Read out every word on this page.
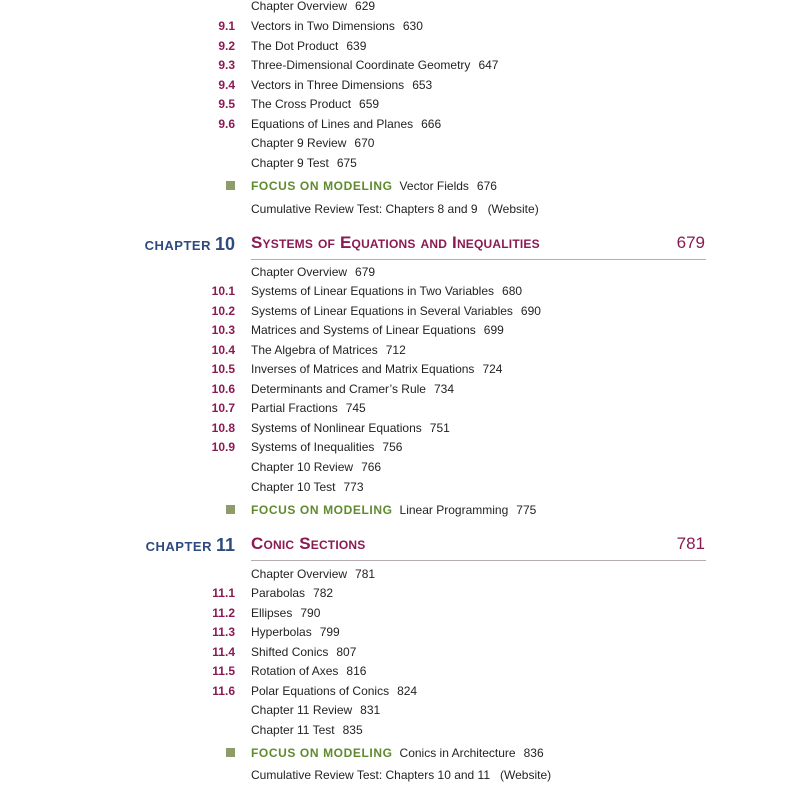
Chapter Overview 629
9.1 Vectors in Two Dimensions 630
9.2 The Dot Product 639
9.3 Three-Dimensional Coordinate Geometry 647
9.4 Vectors in Three Dimensions 653
9.5 The Cross Product 659
9.6 Equations of Lines and Planes 666
Chapter 9 Review 670
Chapter 9 Test 675
FOCUS ON MODELING Vector Fields 676
Cumulative Review Test: Chapters 8 and 9 (Website)
CHAPTER 10 Systems of Equations and Inequalities	679
Chapter Overview 679
10.1 Systems of Linear Equations in Two Variables 680
10.2 Systems of Linear Equations in Several Variables 690
10.3 Matrices and Systems of Linear Equations 699
10.4 The Algebra of Matrices 712
10.5 Inverses of Matrices and Matrix Equations 724
10.6 Determinants and Cramer’s Rule 734
10.7 Partial Fractions 745
10.8 Systems of Nonlinear Equations 751
10.9 Systems of Inequalities 756
Chapter 10 Review 766
Chapter 10 Test 773
FOCUS ON MODELING Linear Programming 775
CHAPTER 11 Conic Sections	781
Chapter Overview 781
11.1 Parabolas 782
11.2 Ellipses 790
11.3 Hyperbolas 799
11.4 Shifted Conics 807
11.5 Rotation of Axes 816
11.6 Polar Equations of Conics 824
Chapter 11 Review 831
Chapter 11 Test 835
FOCUS ON MODELING Conics in Architecture 836
Cumulative Review Test: Chapters 10 and 11 (Website)
